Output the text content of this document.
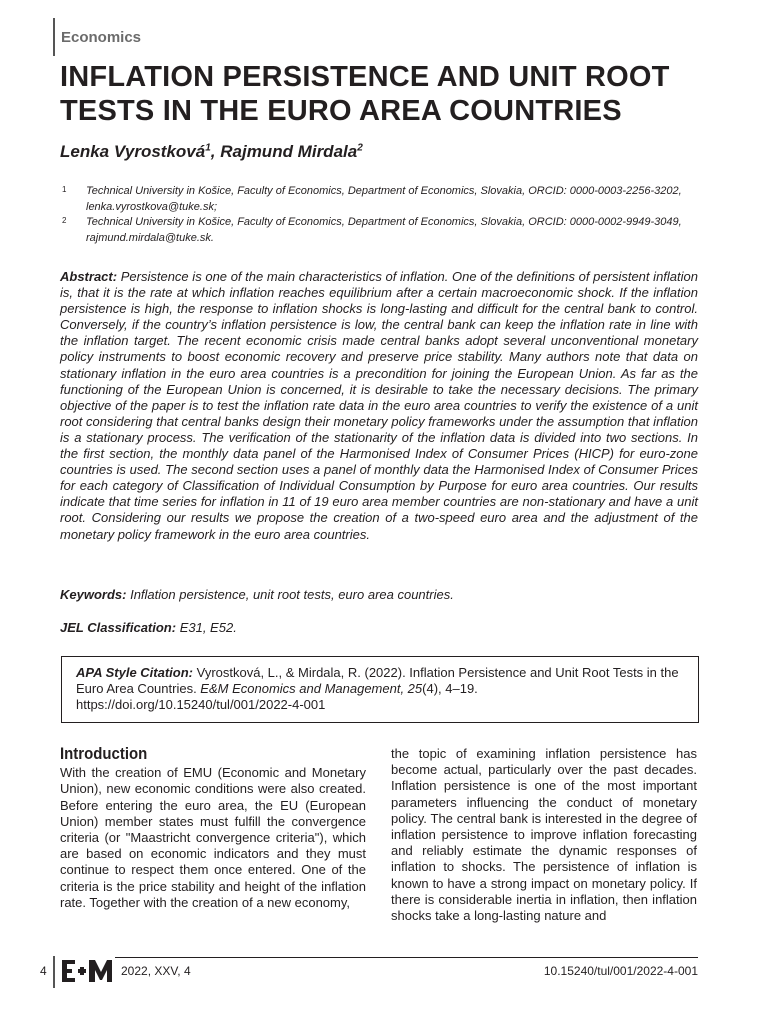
Economics
INFLATION PERSISTENCE AND UNIT ROOT
TESTS IN THE EURO AREA COUNTRIES
Lenka Vyrostková$^1$, Rajmund Mirdala$^2$
1 Technical University in Košice, Faculty of Economics, Department of Economics, Slovakia, ORCID: 0000-0003-2256-3202, lenka.vyrostkova@tuke.sk;
2 Technical University in Košice, Faculty of Economics, Department of Economics, Slovakia, ORCID: 0000-0002-9949-3049, rajmund.mirdala@tuke.sk.
Abstract: Persistence is one of the main characteristics of inflation. One of the definitions of persistent inflation is, that it is the rate at which inflation reaches equilibrium after a certain macroeconomic shock. If the inflation persistence is high, the response to inflation shocks is long-lasting and difficult for the central bank to control. Conversely, if the country’s inflation persistence is low, the central bank can keep the inflation rate in line with the inflation target. The recent economic crisis made central banks adopt several unconventional monetary policy instruments to boost economic recovery and preserve price stability. Many authors note that data on stationary inflation in the euro area countries is a precondition for joining the European Union. As far as the functioning of the European Union is concerned, it is desirable to take the necessary decisions. The primary objective of the paper is to test the inflation rate data in the euro area countries to verify the existence of a unit root considering that central banks design their monetary policy frameworks under the assumption that inflation is a stationary process. The verification of the stationarity of the inflation data is divided into two sections. In the first section, the monthly data panel of the Harmonised Index of Consumer Prices (HICP) for euro-zone countries is used. The second section uses a panel of monthly data the Harmonised Index of Consumer Prices for each category of Classification of Individual Consumption by Purpose for euro area countries. Our results indicate that time series for inflation in 11 of 19 euro area member countries are non-stationary and have a unit root. Considering our results we propose the creation of a two-speed euro area and the adjustment of the monetary policy framework in the euro area countries.
Keywords: Inflation persistence, unit root tests, euro area countries.
JEL Classification: E31, E52.
APA Style Citation: Vyrostková, L., & Mirdala, R. (2022). Inflation Persistence and Unit Root Tests in the Euro Area Countries. E&M Economics and Management, 25(4), 4–19. https://doi.org/10.15240/tul/001/2022-4-001
Introduction
With the creation of EMU (Economic and Monetary Union), new economic conditions were also created. Before entering the euro area, the EU (European Union) member states must fulfill the convergence criteria (or "Maastricht convergence criteria"), which are based on economic indicators and they must continue to respect them once entered. One of the criteria is the price stability and height of the inflation rate. Together with the creation of a new economy,
the topic of examining inflation persistence has become actual, particularly over the past decades. Inflation persistence is one of the most important parameters influencing the conduct of monetary policy. The central bank is interested in the degree of inflation persistence to improve inflation forecasting and reliably estimate the dynamic responses of inflation to shocks. The persistence of inflation is known to have a strong impact on monetary policy. If there is considerable inertia in inflation, then inflation shocks take a long-lasting nature and
4	2022, XXV, 4	10.15240/tul/001/2022-4-001
